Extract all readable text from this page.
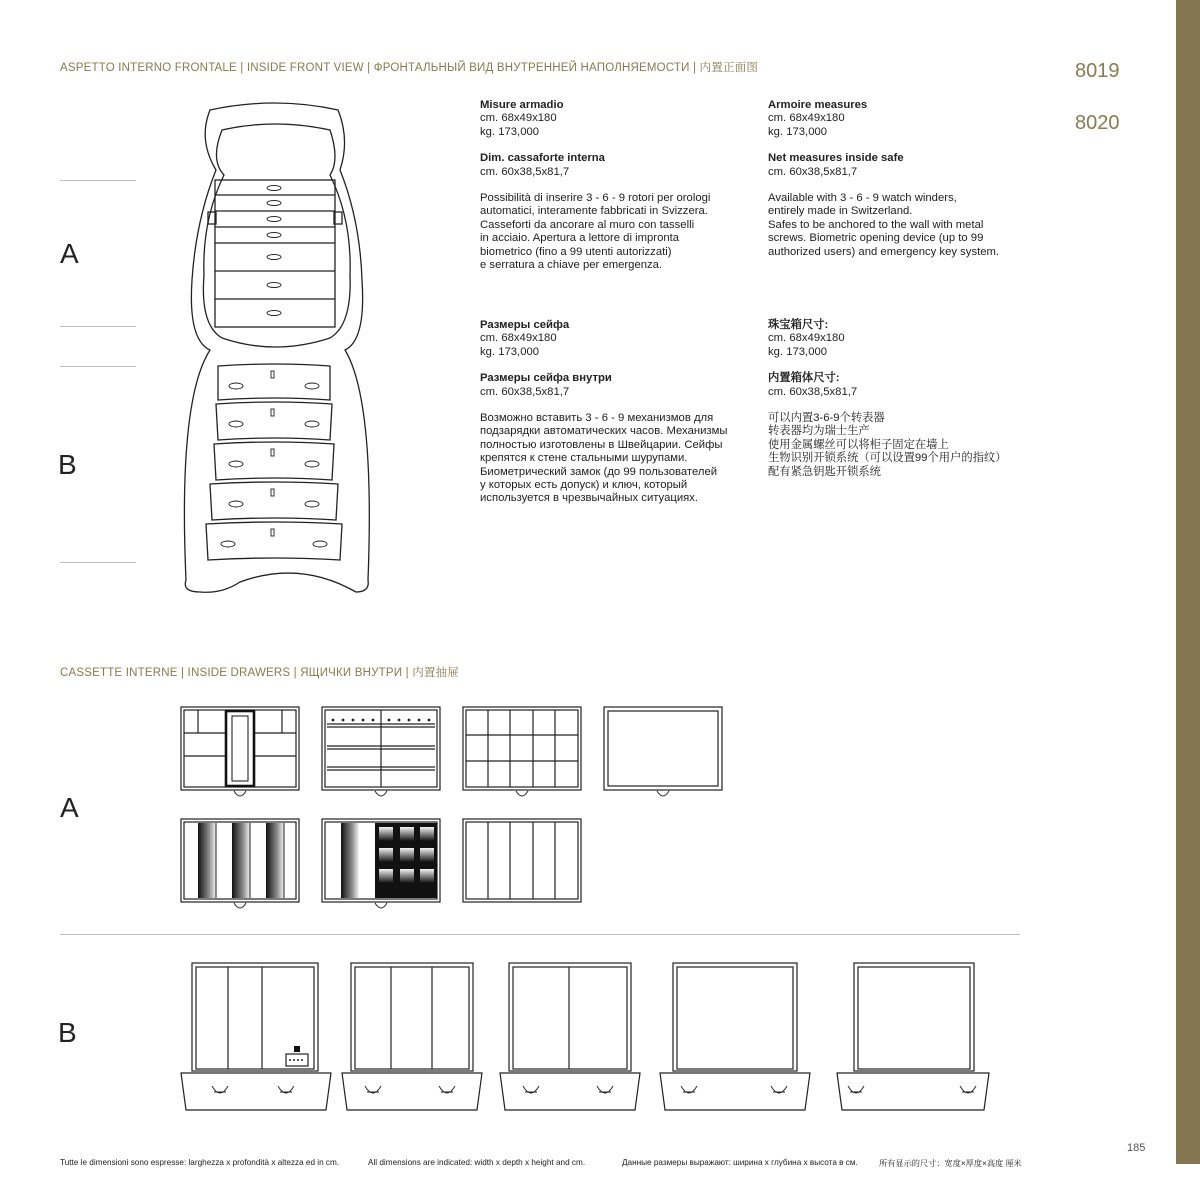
ASPETTO INTERNO FRONTALE | INSIDE FRONT VIEW | ФРОНТАЛЬНЫЙ ВИД ВНУТРЕННЕЙ НАПОЛНЯЕМОСТИ | 内置正面图	8019
8020
A
B
Misure armadio
cm. 68x49x180
kg. 173,000
Dim. cassaforte interna
cm. 60x38,5x81,7
Possibilità di inserire 3 - 6 - 9 rotori per orologi
automatici, interamente fabbricati in Svizzera.
Casseforti da ancorare al muro con tasselli
in acciaio. Apertura a lettore di impronta
biometrico (fino a 99 utenti autorizzati)
e serratura a chiave per emergenza.
Armoire measures
cm. 68x49x180
kg. 173,000
Net measures inside safe
cm. 60x38,5x81,7
Available with 3 - 6 - 9 watch winders,
entirely made in Switzerland.
Safes to be anchored to the wall with metal
screws. Biometric opening device (up to 99
authorized users) and emergency key system.
Размеры сейфа
cm. 68x49x180
kg. 173,000
Размеры сейфа внутри
cm. 60x38,5x81,7
Возможно вставить 3 - 6 - 9 механизмов для
подзарядки автоматических часов. Механизмы
полностью изготовлены в Швейцарии. Сейфы
крепятся к стене стальными шурупами.
Биометрический замок (до 99 пользователей
у которых есть допуск) и ключ, который
используется в чрезвычайных ситуациях.
珠宝箱尺寸:
cm. 68x49x180
kg. 173,000
内置箱体尺寸:
cm. 60x38,5x81,7
可以内置3-6-9个转表器
转表器均为瑞士生产
使用金属螺丝可以将柜子固定在墙上
生物识别开锁系统（可以设置99个用户的指纹）
配有紧急钥匙开锁系统
CASSETTE INTERNE | INSIDE DRAWERS | ЯЩИЧКИ ВНУТРИ | 内置抽屉
A
B
Tutte le dimensioni sono espresse: larghezza x profondità x altezza ed in cm.	All dimensions are indicated: width x depth x height and cm.	Данные размеры выражают: ширина х глубина х высота в см.	所有显示的尺寸：宽度×厚度×高度 厘米
185
